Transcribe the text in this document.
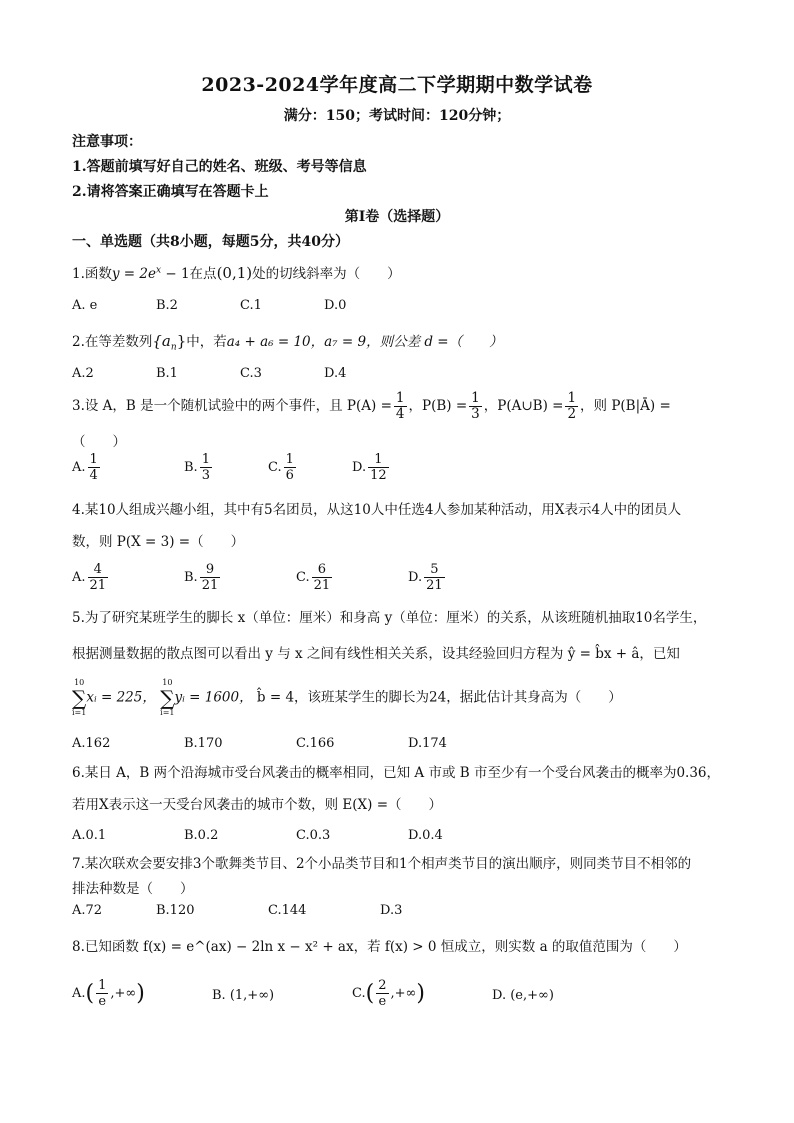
2023-2024学年度高二下学期期中数学试卷
满分：150；考试时间：120分钟；
注意事项：
1.答题前填写好自己的姓名、班级、考号等信息
2.请将答案正确填写在答题卡上
第I卷（选择题）
一、单选题（共8小题，每题5分，共40分）
1.函数$y = 2e^x - 1$在点(0,1)处的切线斜率为（　　）
A. e	B.2	C.1	D.0
2.在等差数列$\{a_n\}$中，若a₄ + a₆ = 10，a₇ = 9，则公差 d =（　　）
A.2	B.1	C.3	D.4
3.设 A，B 是一个随机试验中的两个事件，且 $P(A) = \frac{1}{4}$ ，$P(B) = \frac{1}{3}$ ，P(A∪B) = $\frac{1}{2}$ ，则 P(B|Ā) =
（　　）
A. $\frac{1}{4}$	B. $\frac{1}{3}$	C. $\frac{1}{6}$	D. $\frac{1}{12}$
4.某10人组成兴趣小组，其中有5名团员，从这10人中任选4人参加某种活动，用X表示4人中的团员人
数，则 P(X = 3) =（　　）
A. $\frac{4}{21}$	B. $\frac{9}{21}$	C. $\frac{6}{21}$	D. $\frac{5}{21}$
5.为了研究某班学生的脚长 x（单位：厘米）和身高 y（单位：厘米）的关系，从该班随机抽取10名学生，
根据测量数据的散点图可以看出 y 与 x 之间有线性相关关系，设其经验回归方程为 ŷ = b̂x + â，已知
10
∑
i=1
xᵢ = 225，
10
∑
i=1
yᵢ = 1600， b̂ = 4，该班某学生的脚长为24，据此估计其身高为（　　）
A.162	B.170	C.166	D.174
6.某日 A，B 两个沿海城市受台风袭击的概率相同，已知 A 市或 B 市至少有一个受台风袭击的概率为0.36，
若用X表示这一天受台风袭击的城市个数，则 E(X) =（　　）
A.0.1	B.0.2	C.0.3	D.0.4
7.某次联欢会要安排3个歌舞类节目、2个小品类节目和1个相声类节目的演出顺序，则同类节目不相邻的
排法种数是（　　）
A.72	B.120	C.144	D.3
8.已知函数 f(x) = e^(ax) − 2ln x − x² + ax，若 f(x) > 0 恒成立，则实数 a 的取值范围为（　　）
$A.( \frac{1}{e}$ ,+∞)	B. (1,+∞)	$C.( \frac{2}{e}$ ,+∞)	D. (e,+∞)
